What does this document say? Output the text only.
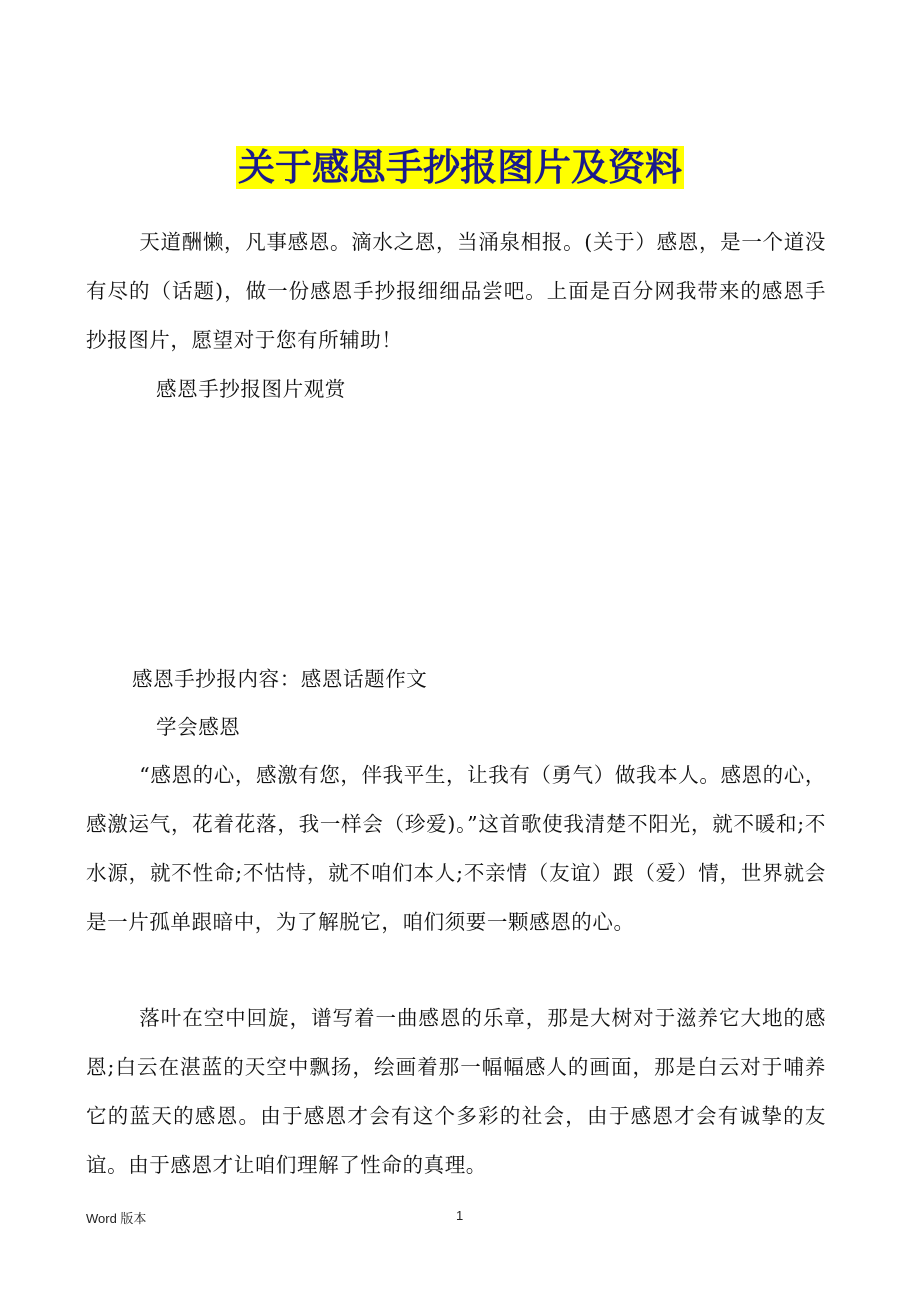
关于感恩手抄报图片及资料

天道酬懒，凡事感恩。滴水之恩，当涌泉相报。(关于）感恩，是一个道没有尽的（话题)，做一份感恩手抄报细细品尝吧。上面是百分网我带来的感恩手抄报图片，愿望对于您有所辅助！

感恩手抄报图片观赏

感恩手抄报内容：感恩话题作文

学会感恩

“感恩的心，感激有您，伴我平生，让我有（勇气）做我本人。感恩的心，感激运气，花着花落，我一样会（珍爱)。”这首歌使我清楚不阳光，就不暖和;不水源，就不性命;不怙恃，就不咱们本人;不亲情（友谊）跟（爱）情，世界就会是一片孤单跟暗中，为了解脱它，咱们须要一颗感恩的心。

落叶在空中回旋，谱写着一曲感恩的乐章，那是大树对于滋养它大地的感恩;白云在湛蓝的天空中飘扬，绘画着那一幅幅感人的画面，那是白云对于哺养它的蓝天的感恩。由于感恩才会有这个多彩的社会，由于感恩才会有诚挚的友谊。由于感恩才让咱们理解了性命的真理。

Word 版本	1
